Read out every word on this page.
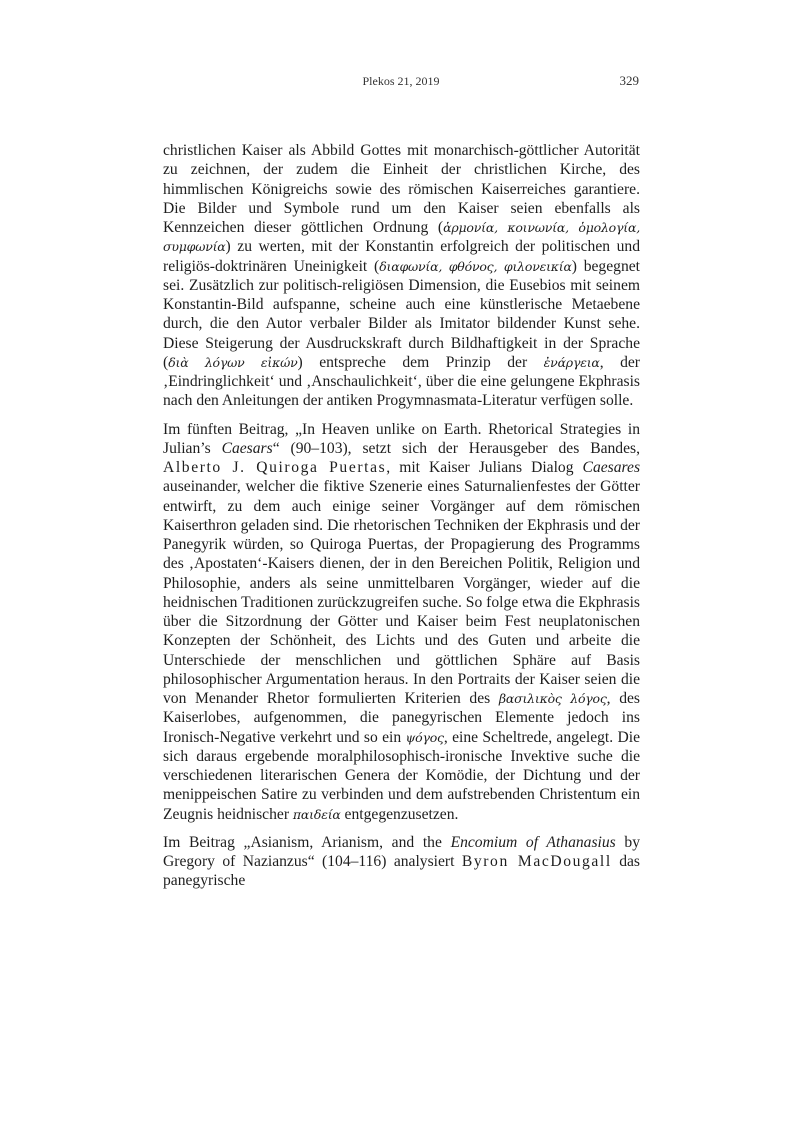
Plekos 21, 2019	329

christlichen Kaiser als Abbild Gottes mit monarchisch-göttlicher Autorität zu zeichnen, der zudem die Einheit der christlichen Kirche, des himmlischen Königreichs sowie des römischen Kaiserreiches garantiere. Die Bilder und Symbole rund um den Kaiser seien ebenfalls als Kennzeichen dieser göttlichen Ordnung (ἁρμονία, κοινωνία, ὁμολογία, συμφωνία) zu werten, mit der Konstantin erfolgreich der politischen und religiös-doktrinären Uneinigkeit (διαφωνία, φθόνος, φιλονεικία) begegnet sei. Zusätzlich zur politisch-religiösen Dimension, die Eusebios mit seinem Konstantin-Bild aufspanne, scheine auch eine künstlerische Metaebene durch, die den Autor verbaler Bilder als Imitator bildender Kunst sehe. Diese Steigerung der Ausdruckskraft durch Bildhaftigkeit in der Sprache (διὰ λόγων εἰκών) entspreche dem Prinzip der ἐνάργεια, der ‚Eindringlichkeit‘ und ‚Anschaulichkeit‘, über die eine gelungene Ekphrasis nach den Anleitungen der antiken Progymnasmata-Literatur verfügen solle.

Im fünften Beitrag, „In Heaven unlike on Earth. Rhetorical Strategies in Julian’s Caesars“ (90–103), setzt sich der Herausgeber des Bandes, Alberto J. Quiroga Puertas, mit Kaiser Julians Dialog Caesares auseinander, welcher die fiktive Szenerie eines Saturnalienfestes der Götter entwirft, zu dem auch einige seiner Vorgänger auf dem römischen Kaiserthron geladen sind. Die rhetorischen Techniken der Ekphrasis und der Panegyrik würden, so Quiroga Puertas, der Propagierung des Programms des ‚Apostaten‘-Kaisers dienen, der in den Bereichen Politik, Religion und Philosophie, anders als seine unmittelbaren Vorgänger, wieder auf die heidnischen Traditionen zurückzugreifen suche. So folge etwa die Ekphrasis über die Sitzordnung der Götter und Kaiser beim Fest neuplatonischen Konzepten der Schönheit, des Lichts und des Guten und arbeite die Unterschiede der menschlichen und göttlichen Sphäre auf Basis philosophischer Argumentation heraus. In den Portraits der Kaiser seien die von Menander Rhetor formulierten Kriterien des βασιλικὸς λόγος, des Kaiserlobes, aufgenommen, die panegyrischen Elemente jedoch ins Ironisch-Negative verkehrt und so ein ψόγος, eine Scheltrede, angelegt. Die sich daraus ergebende moralphilosophisch-ironische Invektive suche die verschiedenen literarischen Genera der Komödie, der Dichtung und der menippeischen Satire zu verbinden und dem aufstrebenden Christentum ein Zeugnis heidnischer παιδεία entgegenzusetzen.

Im Beitrag „Asianism, Arianism, and the Encomium of Athanasius by Gregory of Nazianzus“ (104–116) analysiert Byron MacDougall das panegyrische
